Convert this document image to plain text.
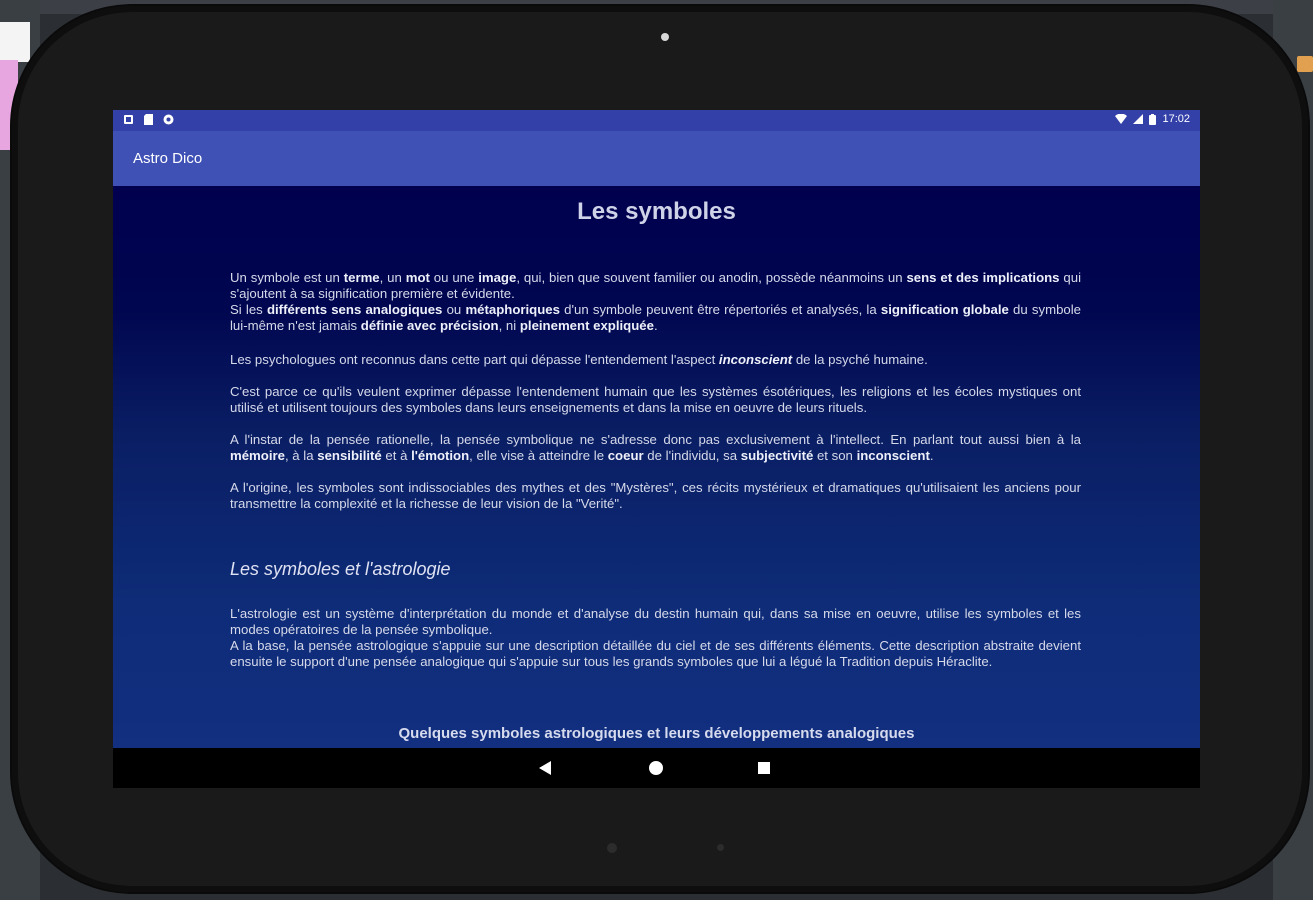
17:02
Astro Dico
Les symboles
Un symbole est un terme, un mot ou une image, qui, bien que souvent familier ou anodin, possède néanmoins un sens et des implications qui s'ajoutent à sa signification première et évidente.
Si les différents sens analogiques ou métaphoriques d'un symbole peuvent être répertoriés et analysés, la signification globale du symbole lui-même n'est jamais définie avec précision, ni pleinement expliquée.
Les psychologues ont reconnus dans cette part qui dépasse l'entendement l'aspect inconscient de la psyché humaine.
C'est parce ce qu'ils veulent exprimer dépasse l'entendement humain que les systèmes ésotériques, les religions et les écoles mystiques ont utilisé et utilisent toujours des symboles dans leurs enseignements et dans la mise en oeuvre de leurs rituels.
A l'instar de la pensée rationelle, la pensée symbolique ne s'adresse donc pas exclusivement à l'intellect. En parlant tout aussi bien à la mémoire, à la sensibilité et à l'émotion, elle vise à atteindre le coeur de l'individu, sa subjectivité et son inconscient.
A l'origine, les symboles sont indissociables des mythes et des "Mystères", ces récits mystérieux et dramatiques qu'utilisaient les anciens pour transmettre la complexité et la richesse de leur vision de la "Verité".
Les symboles et l'astrologie
L'astrologie est un système d'interprétation du monde et d'analyse du destin humain qui, dans sa mise en oeuvre, utilise les symboles et les modes opératoires de la pensée symbolique.
A la base, la pensée astrologique s'appuie sur une description détaillée du ciel et de ses différents éléments. Cette description abstraite devient ensuite le support d'une pensée analogique qui s'appuie sur tous les grands symboles que lui a légué la Tradition depuis Héraclite.
Quelques symboles astrologiques et leurs développements analogiques
